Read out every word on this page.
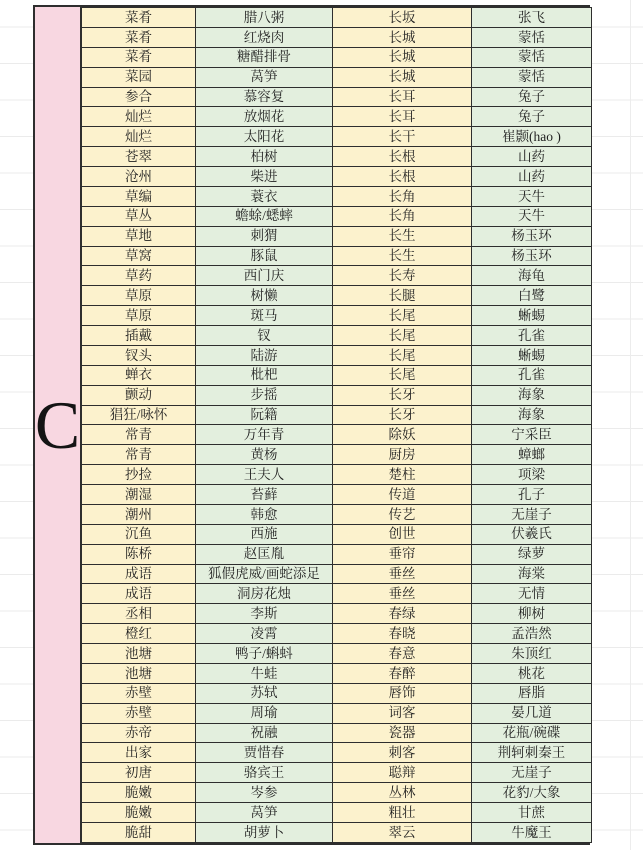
C
菜肴	腊八粥	长坂	张飞
菜肴	红烧肉	长城	蒙恬
菜肴	糖醋排骨	长城	蒙恬
菜园	莴笋	长城	蒙恬
参合	慕容复	长耳	兔子
灿烂	放烟花	长耳	兔子
灿烂	太阳花	长干	崔颢(hao )
苍翠	柏树	长根	山药
沧州	柴进	长根	山药
草编	蓑衣	长角	天牛
草丛	蟾蜍/蟋蟀	长角	天牛
草地	刺猬	长生	杨玉环
草窝	豚鼠	长生	杨玉环
草药	西门庆	长寿	海龟
草原	树懒	长腿	白鹭
草原	斑马	长尾	蜥蜴
插戴	钗	长尾	孔雀
钗头	陆游	长尾	蜥蜴
蝉衣	枇杷	长尾	孔雀
颤动	步摇	长牙	海象
猖狂/咏怀	阮籍	长牙	海象
常青	万年青	除妖	宁采臣
常青	黄杨	厨房	蟑螂
抄捡	王夫人	楚柱	项梁
潮湿	苔藓	传道	孔子
潮州	韩愈	传艺	无崖子
沉鱼	西施	创世	伏羲氏
陈桥	赵匡胤	垂帘	绿萝
成语	狐假虎威/画蛇添足	垂丝	海棠
成语	洞房花烛	垂丝	无情
丞相	李斯	春绿	柳树
橙红	凌霄	春晓	孟浩然
池塘	鸭子/蝌蚪	春意	朱顶红
池塘	牛蛙	春醉	桃花
赤壁	苏轼	唇饰	唇脂
赤壁	周瑜	词客	晏几道
赤帝	祝融	瓷器	花瓶/碗碟
出家	贾惜春	刺客	荆轲刺秦王
初唐	骆宾王	聪辩	无崖子
脆嫩	岑参	丛林	花豹/大象
脆嫩	莴笋	粗壮	甘蔗
脆甜	胡萝卜	翠云	牛魔王
